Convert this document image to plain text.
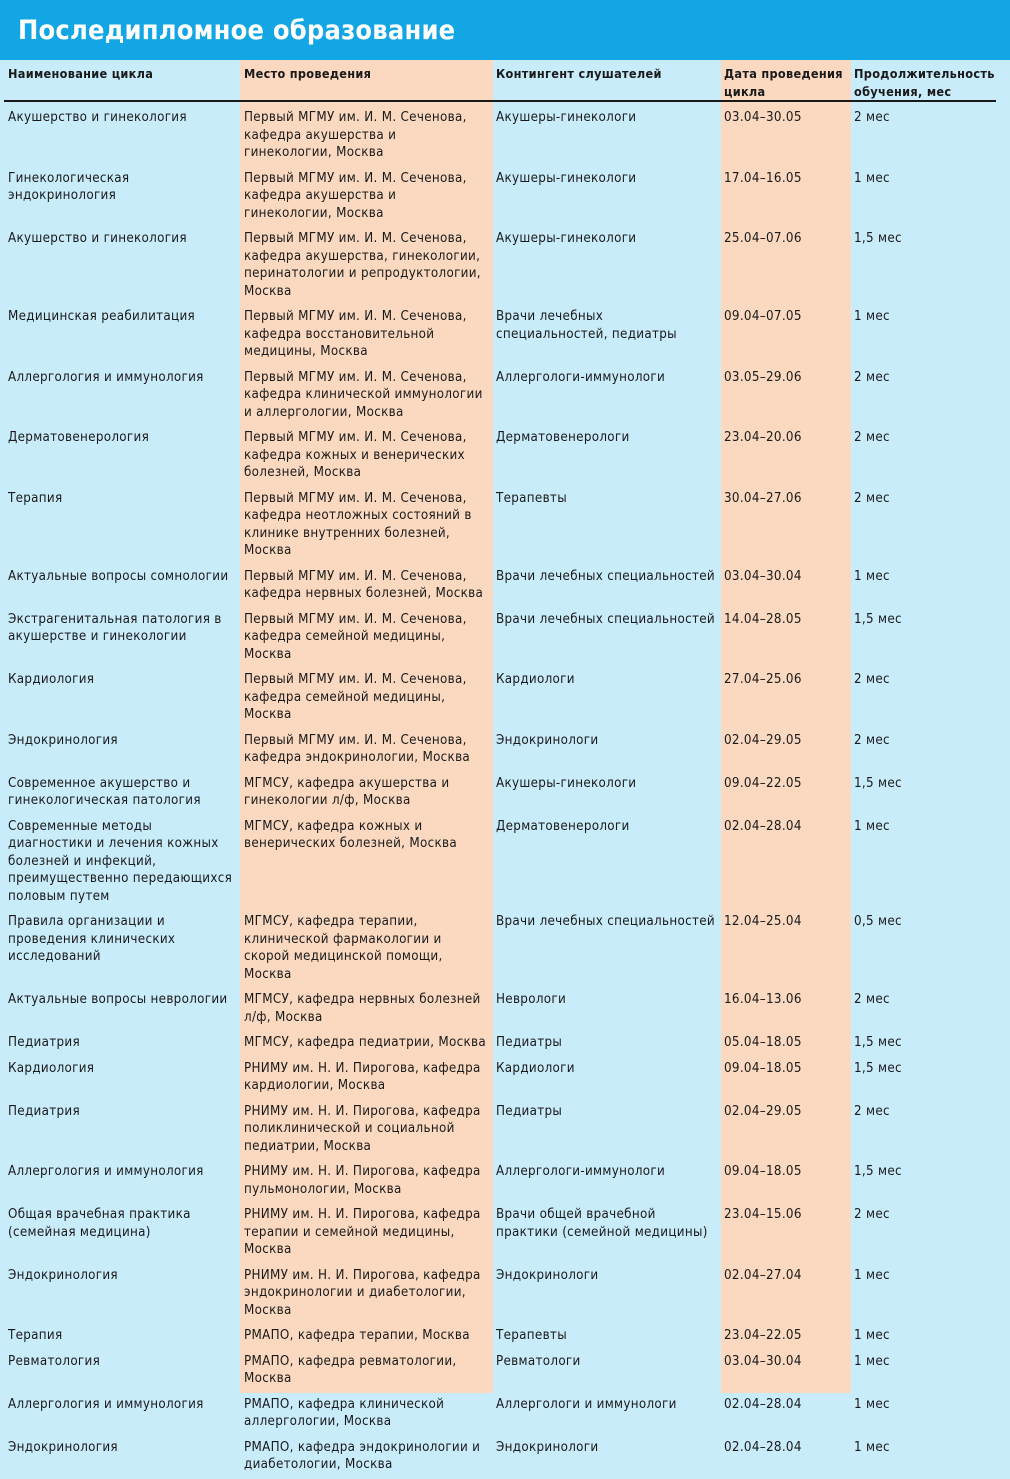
Последипломное образование
Наименование цикла	Место проведения	Контингент слушателей	Дата проведения цикла	Продолжительность обучения, мес
Акушерство и гинекология	Первый МГМУ им. И. М. Сеченова, кафедра акушерства и гинекологии, Москва	Акушеры-гинекологи	03.04–30.05	2 мес
Гинекологическая эндокринология	Первый МГМУ им. И. М. Сеченова, кафедра акушерства и гинекологии, Москва	Акушеры-гинекологи	17.04–16.05	1 мес
Акушерство и гинекология	Первый МГМУ им. И. М. Сеченова, кафедра акушерства, гинекологии, перинатологии и репродуктологии, Москва	Акушеры-гинекологи	25.04–07.06	1,5 мес
Медицинская реабилитация	Первый МГМУ им. И. М. Сеченова, кафедра восстановительной медицины, Москва	Врачи лечебных специальностей, педиатры	09.04–07.05	1 мес
Аллергология и иммунология	Первый МГМУ им. И. М. Сеченова, кафедра клинической иммунологии и аллергологии, Москва	Аллергологи-иммунологи	03.05–29.06	2 мес
Дерматовенерология	Первый МГМУ им. И. М. Сеченова, кафедра кожных и венерических болезней, Москва	Дерматовенерологи	23.04–20.06	2 мес
Терапия	Первый МГМУ им. И. М. Сеченова, кафедра неотложных состояний в клинике внутренних болезней, Москва	Терапевты	30.04–27.06	2 мес
Актуальные вопросы сомнологии	Первый МГМУ им. И. М. Сеченова, кафедра нервных болезней, Москва	Врачи лечебных специальностей	03.04–30.04	1 мес
Экстрагенитальная патология в акушерстве и гинекологии	Первый МГМУ им. И. М. Сеченова, кафедра семейной медицины, Москва	Врачи лечебных специальностей	14.04–28.05	1,5 мес
Кардиология	Первый МГМУ им. И. М. Сеченова, кафедра семейной медицины, Москва	Кардиологи	27.04–25.06	2 мес
Эндокринология	Первый МГМУ им. И. М. Сеченова, кафедра эндокринологии, Москва	Эндокринологи	02.04–29.05	2 мес
Современное акушерство и гинекологическая патология	МГМСУ, кафедра акушерства и гинекологии л/ф, Москва	Акушеры-гинекологи	09.04–22.05	1,5 мес
Современные методы диагностики и лечения кожных болезней и инфекций, преимущественно передающихся половым путем	МГМСУ, кафедра кожных и венерических болезней, Москва	Дерматовенерологи	02.04–28.04	1 мес
Правила организации и проведения клинических исследований	МГМСУ, кафедра терапии, клинической фармакологии и скорой медицинской помощи, Москва	Врачи лечебных специальностей	12.04–25.04	0,5 мес
Актуальные вопросы неврологии	МГМСУ, кафедра нервных болезней л/ф, Москва	Неврологи	16.04–13.06	2 мес
Педиатрия	МГМСУ, кафедра педиатрии, Москва	Педиатры	05.04–18.05	1,5 мес
Кардиология	РНИМУ им. Н. И. Пирогова, кафедра кардиологии, Москва	Кардиологи	09.04–18.05	1,5 мес
Педиатрия	РНИМУ им. Н. И. Пирогова, кафедра поликлинической и социальной педиатрии, Москва	Педиатры	02.04–29.05	2 мес
Аллергология и иммунология	РНИМУ им. Н. И. Пирогова, кафедра пульмонологии, Москва	Аллергологи-иммунологи	09.04–18.05	1,5 мес
Общая врачебная практика (семейная медицина)	РНИМУ им. Н. И. Пирогова, кафедра терапии и семейной медицины, Москва	Врачи общей врачебной практики (семейной медицины)	23.04–15.06	2 мес
Эндокринология	РНИМУ им. Н. И. Пирогова, кафедра эндокринологии и диабетологии, Москва	Эндокринологи	02.04–27.04	1 мес
Терапия	РМАПО, кафедра терапии, Москва	Терапевты	23.04–22.05	1 мес
Ревматология	РМАПО, кафедра ревматологии, Москва	Ревматологи	03.04–30.04	1 мес
Аллергология и иммунология	РМАПО, кафедра клинической аллергологии, Москва	Аллергологи и иммунологи	02.04–28.04	1 мес
Эндокринология	РМАПО, кафедра эндокринологии и диабетологии, Москва	Эндокринологи	02.04–28.04	1 мес
